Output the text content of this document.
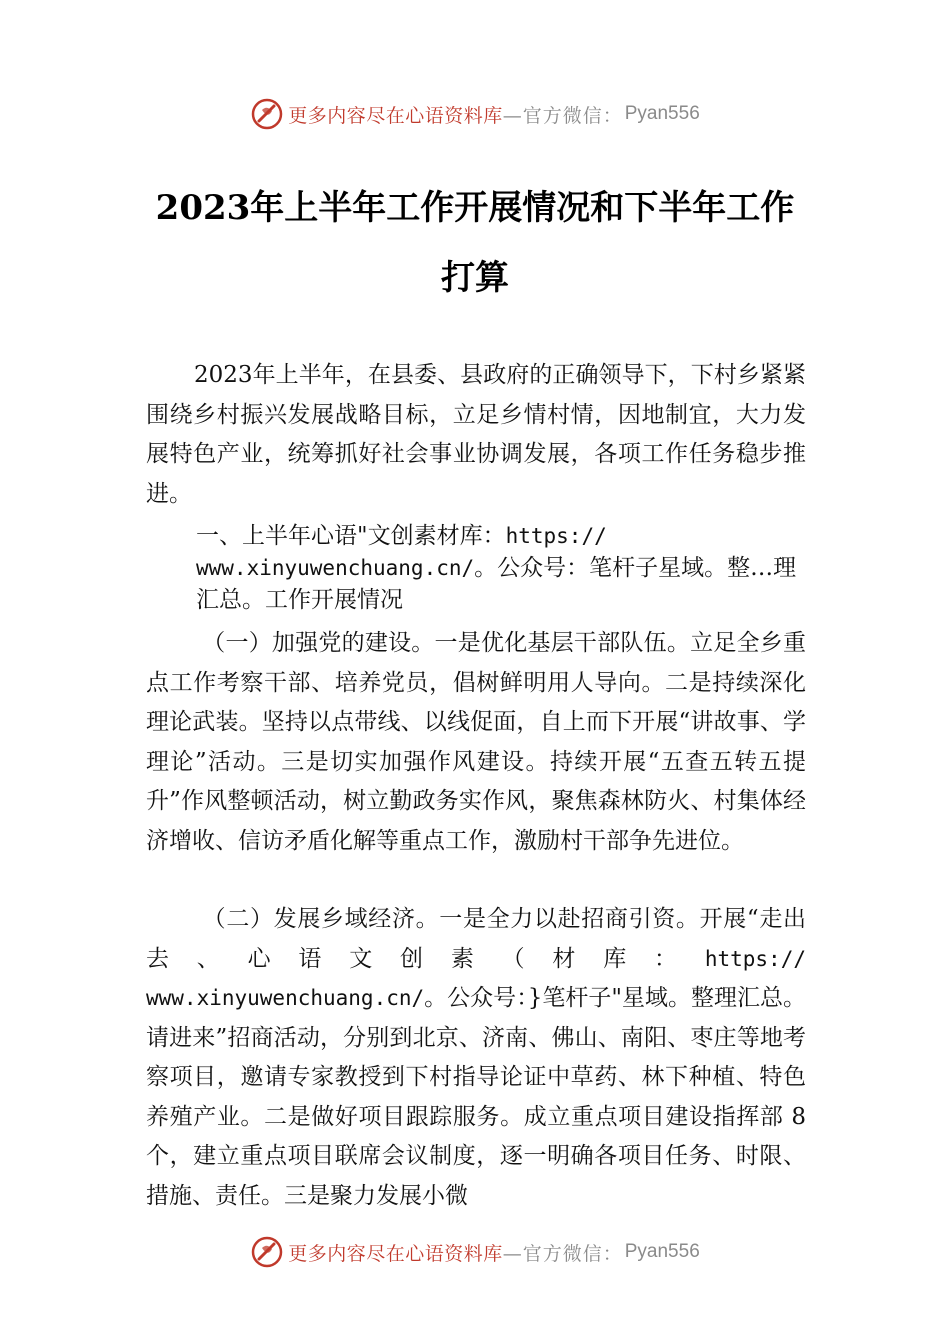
更多内容尽在心语资料库 —官方微信： Pyan556
2023年上半年工作开展情况和下半年工作
打算

2023年上半年，在县委、县政府的正确领导下，下村乡紧紧围绕乡村振兴发展战略目标，立足乡情村情，因地制宜，大力发展特色产业，统筹抓好社会事业协调发展，各项工作任务稳步推进。

一、上半年心语"文创素材库：https://
www.xinyuwenchuang.cn/。公众号：笔杆子星域。整…理
汇总。工作开展情况

（一）加强党的建设。一是优化基层干部队伍。立足全乡重点工作考察干部、培养党员，倡树鲜明用人导向。二是持续深化理论武装。坚持以点带线、以线促面，自上而下开展“讲故事、学理论”活动。三是切实加强作风建设。持续开展“五查五转五提升”作风整顿活动，树立勤政务实作风，聚焦森林防火、村集体经济增收、信访矛盾化解等重点工作，激励村干部争先进位。

（二）发展乡域经济。一是全力以赴招商引资。开展“走出去、心语文创素（材库：https:// www.xinyuwenchuang.cn/。公众号：}笔杆子"星域。整理汇总。请进来”招商活动，分别到北京、济南、佛山、南阳、枣庄等地考察项目，邀请专家教授到下村指导论证中草药、林下种植、特色养殖产业。二是做好项目跟踪服务。成立重点项目建设指挥部 8 个，建立重点项目联席会议制度，逐一明确各项目任务、时限、措施、责任。三是聚力发展小微

更多内容尽在心语资料库 —官方微信： Pyan556
